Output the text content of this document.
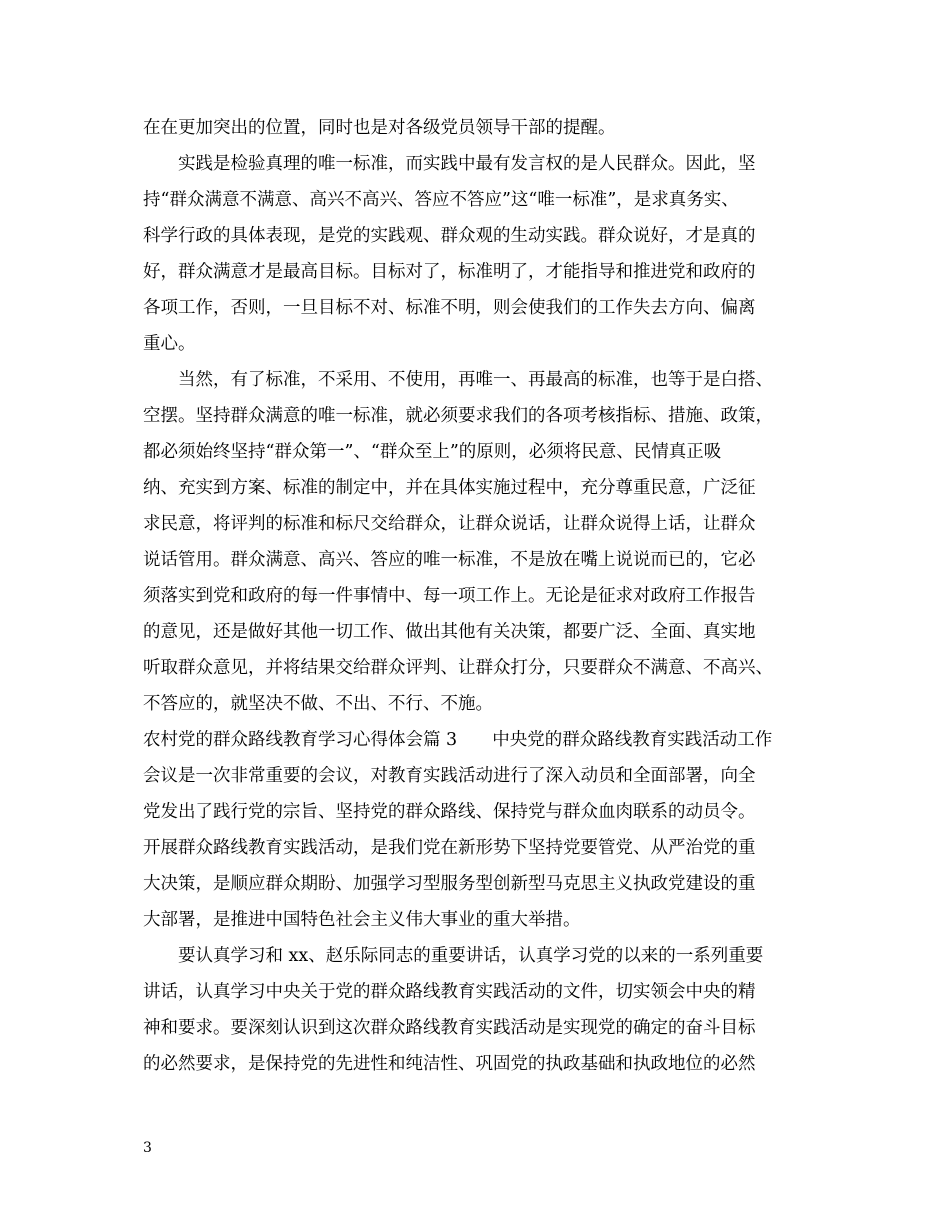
在在更加突出的位置，同时也是对各级党员领导干部的提醒。
　　实践是检验真理的唯一标准，而实践中最有发言权的是人民群众。因此，坚
持“群众满意不满意、高兴不高兴、答应不答应”这“唯一标准”，是求真务实、
科学行政的具体表现，是党的实践观、群众观的生动实践。群众说好，才是真的
好，群众满意才是最高目标。目标对了，标准明了，才能指导和推进党和政府的
各项工作，否则，一旦目标不对、标准不明，则会使我们的工作失去方向、偏离
重心。
　　当然，有了标准，不采用、不使用，再唯一、再最高的标准，也等于是白搭、
空摆。坚持群众满意的唯一标准，就必须要求我们的各项考核指标、措施、政策，
都必须始终坚持“群众第一”、“群众至上”的原则，必须将民意、民情真正吸
纳、充实到方案、标准的制定中，并在具体实施过程中，充分尊重民意，广泛征
求民意，将评判的标准和标尺交给群众，让群众说话，让群众说得上话，让群众
说话管用。群众满意、高兴、答应的唯一标准，不是放在嘴上说说而已的，它必
须落实到党和政府的每一件事情中、每一项工作上。无论是征求对政府工作报告
的意见，还是做好其他一切工作、做出其他有关决策，都要广泛、全面、真实地
听取群众意见，并将结果交给群众评判、让群众打分，只要群众不满意、不高兴、
不答应的，就坚决不做、不出、不行、不施。
农村党的群众路线教育学习心得体会篇 3　　中央党的群众路线教育实践活动工作
会议是一次非常重要的会议，对教育实践活动进行了深入动员和全面部署，向全
党发出了践行党的宗旨、坚持党的群众路线、保持党与群众血肉联系的动员令。
开展群众路线教育实践活动，是我们党在新形势下坚持党要管党、从严治党的重
大决策，是顺应群众期盼、加强学习型服务型创新型马克思主义执政党建设的重
大部署，是推进中国特色社会主义伟大事业的重大举措。
　　要认真学习和 xx、赵乐际同志的重要讲话，认真学习党的以来的一系列重要
讲话，认真学习中央关于党的群众路线教育实践活动的文件，切实领会中央的精
神和要求。要深刻认识到这次群众路线教育实践活动是实现党的确定的奋斗目标
的必然要求，是保持党的先进性和纯洁性、巩固党的执政基础和执政地位的必然
3
